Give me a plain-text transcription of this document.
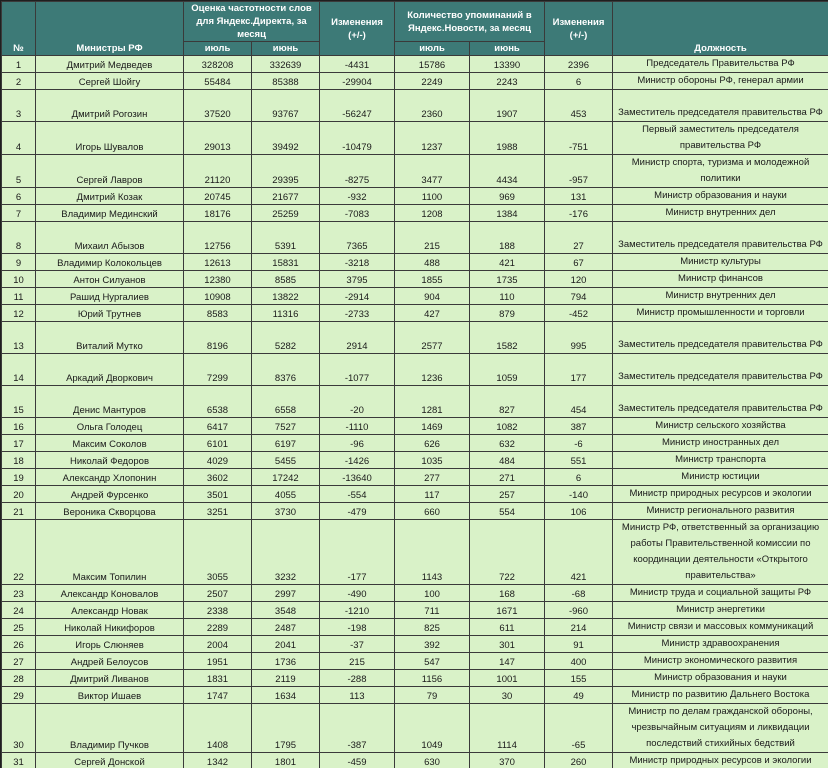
№	Министры РФ	Оценка частотности слов для Яндекс.Директа, за месяц		Изменения (+/-)	Количество упоминаний в Яндекс.Новости, за месяц		Изменения (+/-)	Должность
		июль	июнь		июль	июнь		
1	Дмитрий Медведев	328208	332639	-4431	15786	13390	2396	Председатель Правительства РФ
2	Сергей Шойгу	55484	85388	-29904	2249	2243	6	Министр обороны РФ, генерал армии
3	Дмитрий Рогозин	37520	93767	-56247	2360	1907	453	Заместитель председателя правительства РФ
4	Игорь Шувалов	29013	39492	-10479	1237	1988	-751	Первый заместитель председателя правительства РФ
5	Сергей Лавров	21120	29395	-8275	3477	4434	-957	Министр спорта, туризма и молодежной политики
6	Дмитрий Козак	20745	21677	-932	1100	969	131	Министр образования и науки
7	Владимир Мединский	18176	25259	-7083	1208	1384	-176	Министр внутренних дел
8	Михаил Абызов	12756	5391	7365	215	188	27	Заместитель председателя правительства РФ
9	Владимир Колокольцев	12613	15831	-3218	488	421	67	Министр культуры
10	Антон Силуанов	12380	8585	3795	1855	1735	120	Министр финансов
11	Рашид Нургалиев	10908	13822	-2914	904	110	794	Министр внутренних дел
12	Юрий Трутнев	8583	11316	-2733	427	879	-452	Министр промышленности и торговли
13	Виталий Мутко	8196	5282	2914	2577	1582	995	Заместитель председателя правительства РФ
14	Аркадий Дворкович	7299	8376	-1077	1236	1059	177	Заместитель председателя правительства РФ
15	Денис Мантуров	6538	6558	-20	1281	827	454	Заместитель председателя правительства РФ
16	Ольга Голодец	6417	7527	-1110	1469	1082	387	Министр сельского хозяйства
17	Максим Соколов	6101	6197	-96	626	632	-6	Министр иностранных дел
18	Николай Федоров	4029	5455	-1426	1035	484	551	Министр транспорта
19	Александр Хлопонин	3602	17242	-13640	277	271	6	Министр юстиции
20	Андрей Фурсенко	3501	4055	-554	117	257	-140	Министр природных ресурсов и экологии
21	Вероника Скворцова	3251	3730	-479	660	554	106	Министр регионального развития
22	Максим Топилин	3055	3232	-177	1143	722	421	Министр РФ, ответственный за организацию работы Правительственной комиссии по координации деятельности «Открытого правительства»
23	Александр Коновалов	2507	2997	-490	100	168	-68	Министр труда и социальной защиты РФ
24	Александр Новак	2338	3548	-1210	711	1671	-960	Министр энергетики
25	Николай Никифоров	2289	2487	-198	825	611	214	Министр связи и массовых коммуникаций
26	Игорь Слюняев	2004	2041	-37	392	301	91	Министр здравоохранения
27	Андрей Белоусов	1951	1736	215	547	147	400	Министр экономического развития
28	Дмитрий Ливанов	1831	2119	-288	1156	1001	155	Министр образования и науки
29	Виктор Ишаев	1747	1634	113	79	30	49	Министр по развитию Дальнего Востока
30	Владимир Пучков	1408	1795	-387	1049	1114	-65	Министр по делам гражданской обороны, чрезвычайным ситуациям и ликвидации последствий стихийных бедствий
31	Сергей Донской	1342	1801	-459	630	370	260	Министр природных ресурсов и экологии
